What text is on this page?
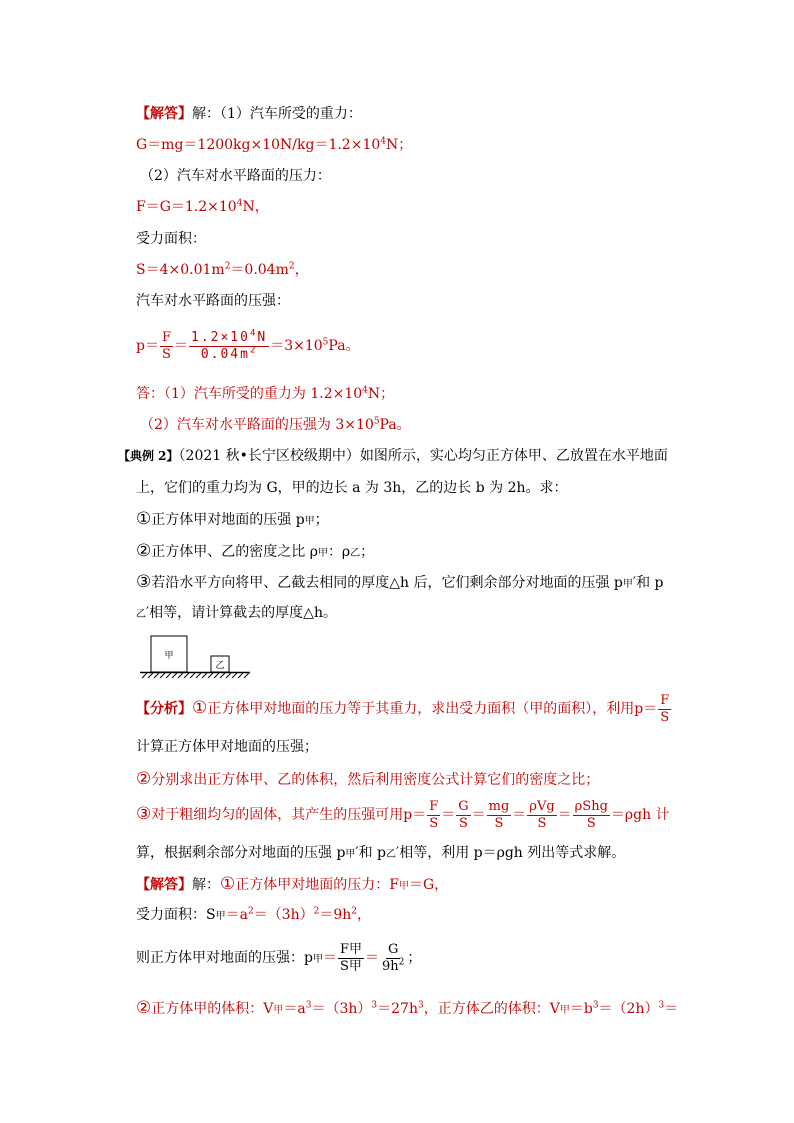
【解答】解：（1）汽车所受的重力：
$G=mg=1200kg\times 10N/kg=1.2\times 10^4N$；
（2）汽车对水平路面的压力：
$F=G=1.2\times 10^4N$，
受力面积：
$S=4\times 0.01m^2=0.04m^2$，
汽车对水平路面的压强：
$p= \frac{F}{S} = \frac{1.2\times 10^4N}{0.04m^2} =3\times 10^5Pa$。
答：（1）汽车所受的重力为 $1.2\times 10^4N$；
（2）汽车对水平路面的压强为 $3\times 10^5Pa$。
【典例 2】（2021 秋•长宁区校级期中）如图所示，实心均匀正方体甲、乙放置在水平地面
上，它们的重力均为 G，甲的边长 a 为 3h，乙的边长 b 为 2h。求：
①正方体甲对地面的压强 p甲；
②正方体甲、乙的密度之比 ρ甲：ρ乙；
③若沿水平方向将甲、乙截去相同的厚度△h 后，它们剩余部分对地面的压强 p甲′和 p
乙′相等，请计算截去的厚度△h。
甲
乙
【分析】①正方体甲对地面的压力等于其重力，求出受力面积（甲的面积），利用$p= \frac{F}{S}$
计算正方体甲对地面的压强；
②分别求出正方体甲、乙的体积，然后利用密度公式计算它们的密度之比；
③对于粗细均匀的固体，其产生的压强可用$p= \frac{F}{S} = \frac{G}{S} = \frac{mg}{S} = \frac{\text{ρVg}}{S} = \frac{\text{ρShg}}{S} =\rho gh$ 计
算，根据剩余部分对地面的压强 p甲′和 p乙′相等，利用 p＝ρgh 列出等式求解。
【解答】解：①正方体甲对地面的压力：F甲＝G，
受力面积：S甲$=a^2=(3h)^2=9h^2$，
则正方体甲对地面的压强：p甲＝ $\frac{\text{F甲}}{\text{S甲}} = \frac{G}{9h^2}$ ；
②正方体甲的体积：V甲$=a^3=(3h)^3=27h^3$，正方体乙的体积：V甲$=b^3=(2h)^3=$
